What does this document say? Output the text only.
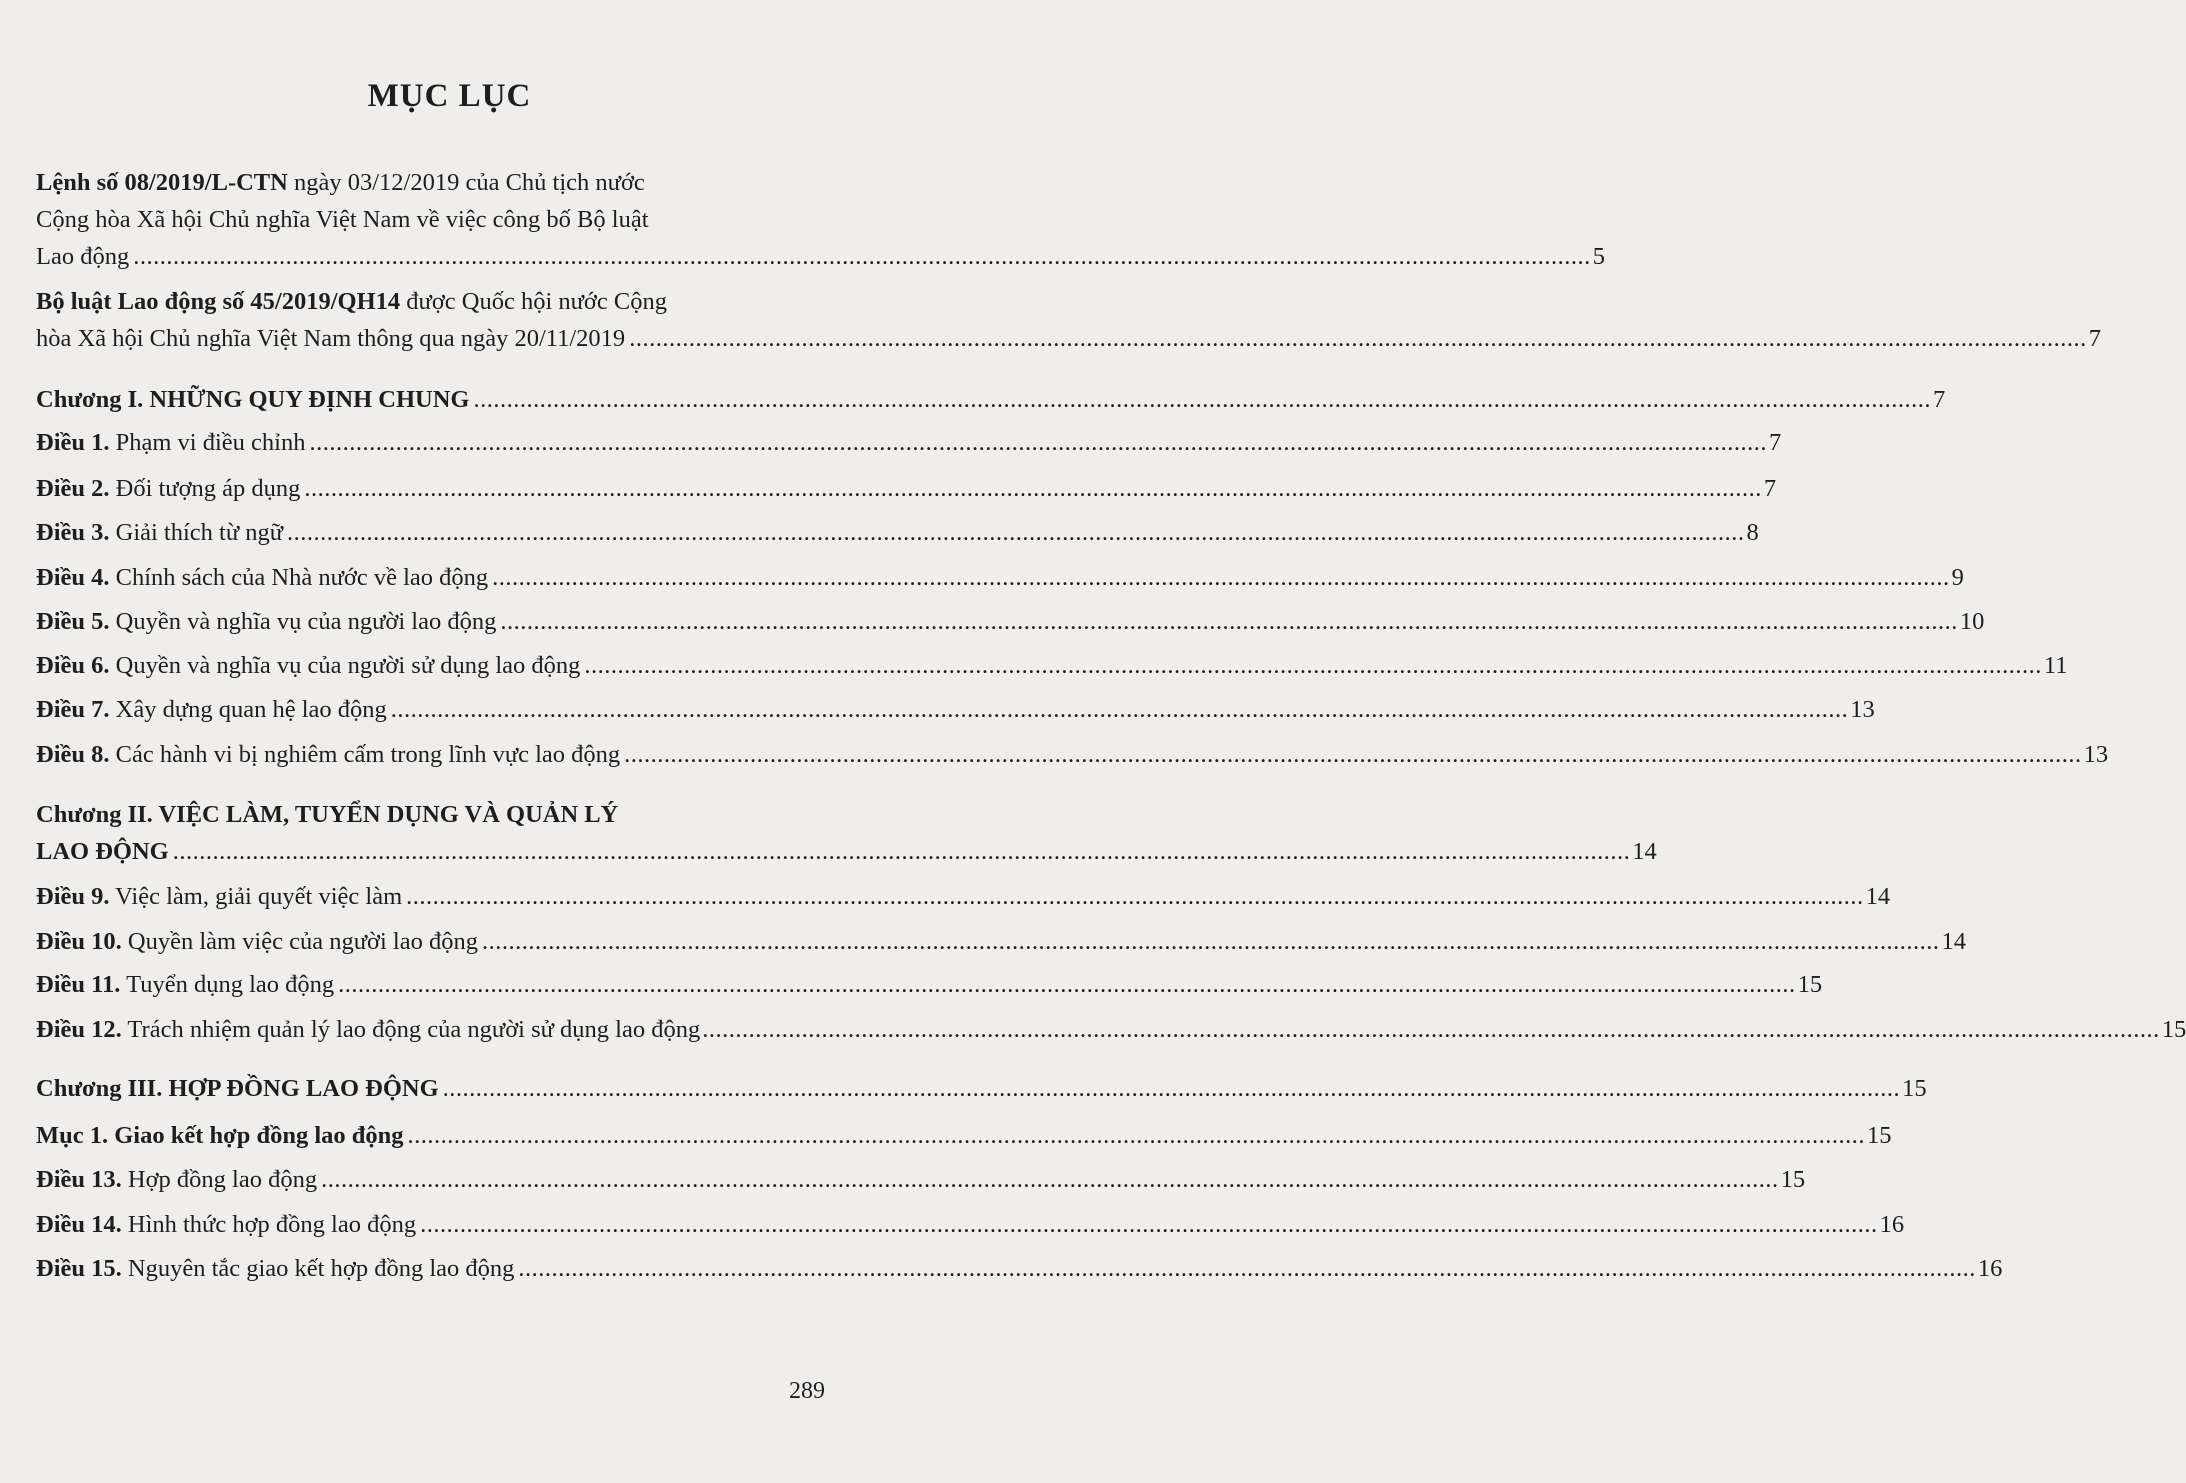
MỤC LỤC
Lệnh số 08/2019/L-CTN ngày 03/12/2019 của Chủ tịch nước
Cộng hòa Xã hội Chủ nghĩa Việt Nam về việc công bố Bộ luật
Lao động ............................................................................................................................................................................................................................ 5
Bộ luật Lao động số 45/2019/QH14 được Quốc hội nước Cộng
hòa Xã hội Chủ nghĩa Việt Nam thông qua ngày 20/11/2019 ............................................................................................................................................................................................................................ 7
Chương I. NHỮNG QUY ĐỊNH CHUNG ............................................................................................................................................................................................................................ 7
Điều 1. Phạm vi điều chỉnh ............................................................................................................................................................................................................................ 7
Điều 2. Đối tượng áp dụng ............................................................................................................................................................................................................................ 7
Điều 3. Giải thích từ ngữ ............................................................................................................................................................................................................................ 8
Điều 4. Chính sách của Nhà nước về lao động ............................................................................................................................................................................................................................ 9
Điều 5. Quyền và nghĩa vụ của người lao động ............................................................................................................................................................................................................................ 10
Điều 6. Quyền và nghĩa vụ của người sử dụng lao động ............................................................................................................................................................................................................................ 11
Điều 7. Xây dựng quan hệ lao động ............................................................................................................................................................................................................................ 13
Điều 8. Các hành vi bị nghiêm cấm trong lĩnh vực lao động ............................................................................................................................................................................................................................ 13
Chương II. VIỆC LÀM, TUYỂN DỤNG VÀ QUẢN LÝ
LAO ĐỘNG ............................................................................................................................................................................................................................ 14
Điều 9. Việc làm, giải quyết việc làm ............................................................................................................................................................................................................................ 14
Điều 10. Quyền làm việc của người lao động ............................................................................................................................................................................................................................ 14
Điều 11. Tuyển dụng lao động ............................................................................................................................................................................................................................ 15
Điều 12. Trách nhiệm quản lý lao động của người sử dụng lao động ............................................................................................................................................................................................................................ 15
Chương III. HỢP ĐỒNG LAO ĐỘNG ............................................................................................................................................................................................................................ 15
Mục 1. Giao kết hợp đồng lao động ............................................................................................................................................................................................................................ 15
Điều 13. Hợp đồng lao động ............................................................................................................................................................................................................................ 15
Điều 14. Hình thức hợp đồng lao động ............................................................................................................................................................................................................................ 16
Điều 15. Nguyên tắc giao kết hợp đồng lao động ............................................................................................................................................................................................................................ 16
289
